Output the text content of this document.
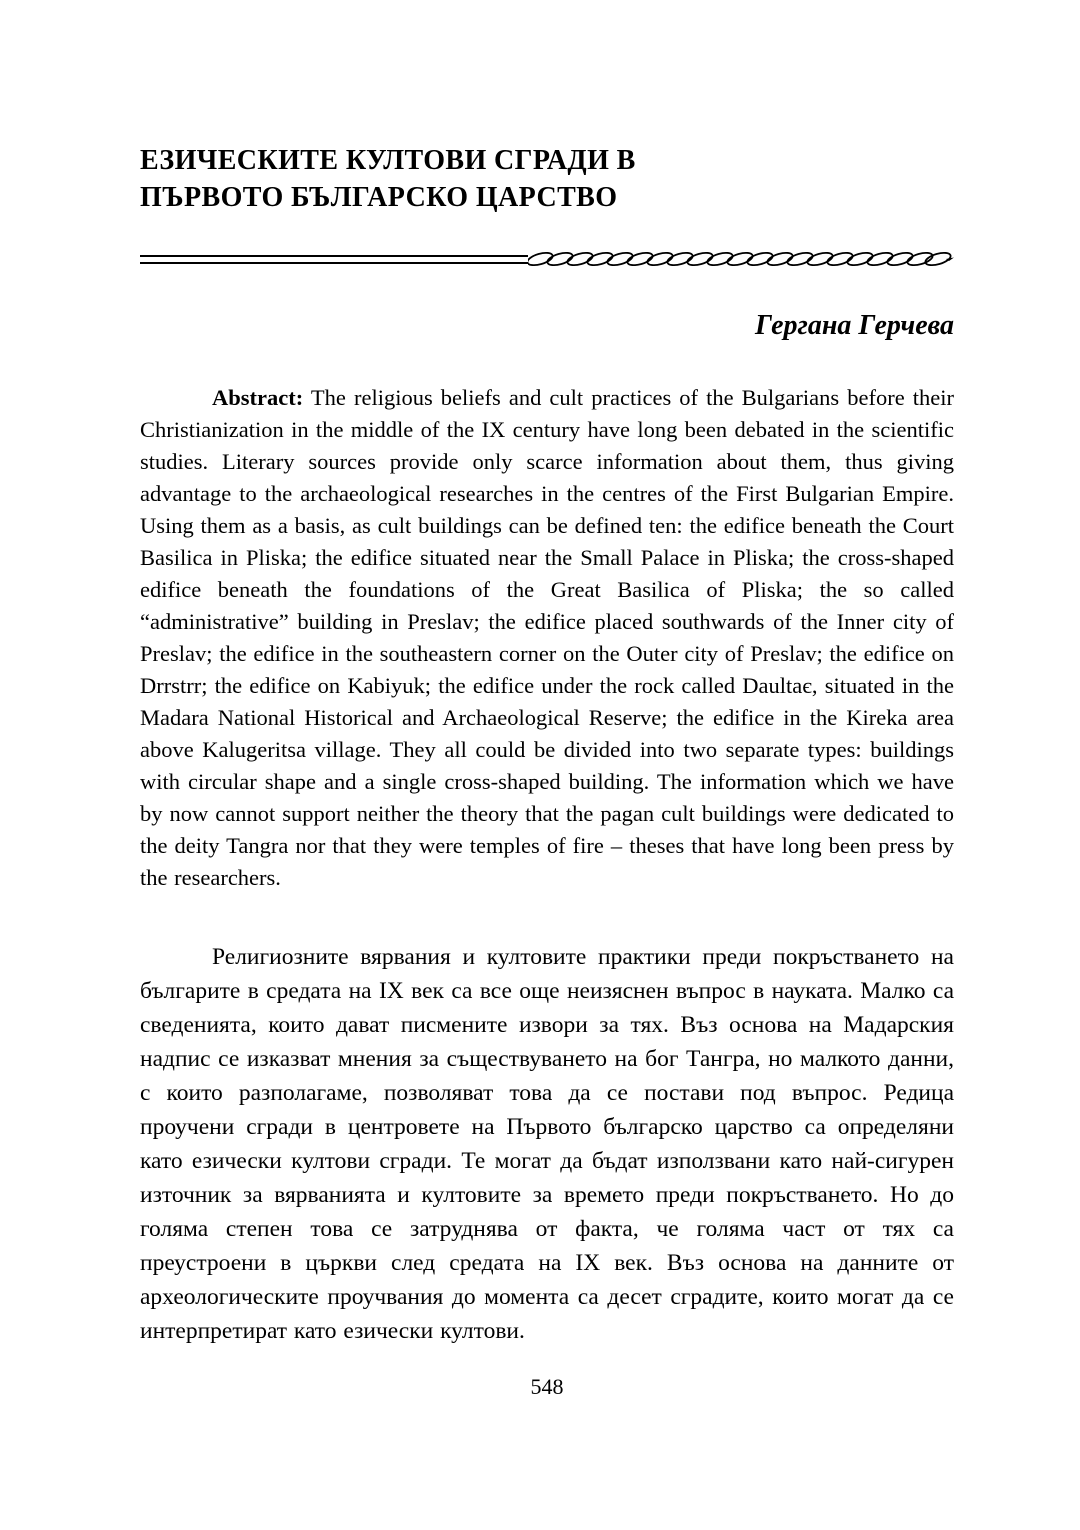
ЕЗИЧЕСКИТЕ КУЛТОВИ СГРАДИ В
ПЪРВОТО БЪЛГАРСКО ЦАРСТВО
Гергана Герчева

Abstract: The religious beliefs and cult practices of the Bulgarians before their Christianization in the middle of the IX century have long been debated in the scientific studies. Literary sources provide only scarce information about them, thus giving advantage to the archaeological researches in the centres of the First Bulgarian Empire. Using them as a basis, as cult buildings can be defined ten: the edifice beneath the Court Basilica in Pliska; the edifice situated near the Small Palace in Pliska; the cross-shaped edifice beneath the foundations of the Great Basilica of Pliska; the so called “administrative” building in Preslav; the edifice placed southwards of the Inner city of Preslav; the edifice in the southeastern corner on the Outer city of Preslav; the edifice on Drrstrr; the edifice on Kabiyuk; the edifice under the rock called Daultaє, situated in the Madara National Historical and Archaeological Reserve; the edifice in the Kireka area above Kalugeritsa village. They all could be divided into two separate types: buildings with circular shape and a single cross-shaped building. The information which we have by now cannot support neither the theory that the pagan cult buildings were dedicated to the deity Tangra nor that they were temples of fire – theses that have long been press by the researchers.

Религиозните вярвания и култовите практики преди покръстването на българите в средата на IX век са все още неизяснен въпрос в науката. Малко са сведенията, които дават писмените извори за тях. Въз основа на Мадарския надпис се изказват мнения за съществуването на бог Тангра, но малкото данни, с които разполагаме, позволяват това да се постави под въпрос. Редица проучени сгради в центровете на Първото българско царство са определяни като езически култови сгради. Те могат да бъдат използвани като най-сигурен източник за вярванията и култовите за времето преди покръстването. Но до голяма степен това се затруднява от факта, че голяма част от тях са преустроени в църкви след средата на IX век. Въз основа на данните от археологическите проучвания до момента са десет сградите, които могат да се интерпретират като езически култови.

548
